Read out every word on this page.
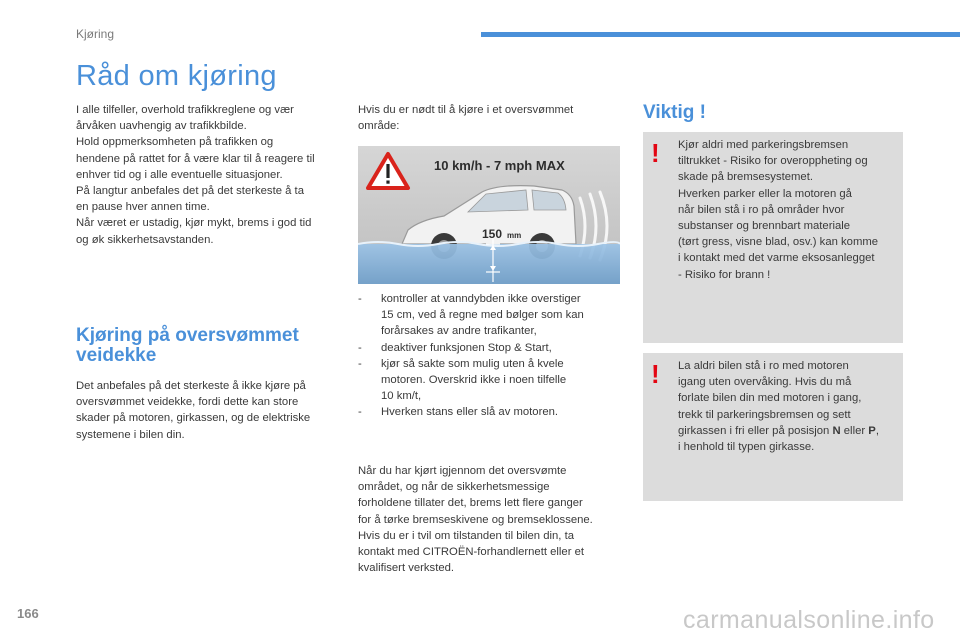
Kjøring
Råd om kjøring

I alle tilfeller, overhold trafikkreglene og vær

årvåken uavhengig av trafikkbilde.

Hold oppmerksomheten på trafikken og

hendene på rattet for å være klar til å reagere til

enhver tid og i alle eventuelle situasjoner.

På langtur anbefales det på det sterkeste å ta

en pause hver annen time.

Når været er ustadig, kjør mykt, brems i god tid

og øk sikkerhetsavstanden.

Kjøring på oversvømmet veidekke
Det anbefales på det sterkeste å ikke kjøre på
oversvømmet veidekke, fordi dette kan store
skader på motoren, girkassen, og de elektriske
systemene i bilen din.
Hvis du er nødt til å kjøre i et oversvømmet
område:
10 km/h - 7 mph MAX
150 mm
- kontroller at vanndybden ikke overstiger
15 cm, ved å regne med bølger som kan
forårsakes av andre trafikanter,
- deaktiver funksjonen Stop & Start,
- kjør så sakte som mulig uten å kvele
motoren. Overskrid ikke i noen tilfelle
10 km/t,
- Hverken stans eller slå av motoren.

Når du har kjørt igjennom det oversvømte

området, og når de sikkerhetsmessige

forholdene tillater det, brems lett flere ganger

for å tørke bremseskivene og bremseklossene.

Hvis du er i tvil om tilstanden til bilen din, ta

kontakt med CITROËN-forhandlernett eller et

kvalifisert verksted.

Viktig !
! Kjør aldri med parkeringsbremsen
tiltrukket - Risiko for overoppheting og
skade på bremsesystemet.
Hverken parker eller la motoren gå
når bilen stå i ro på områder hvor
substanser og brennbart materiale
(tørt gress, visne blad, osv.) kan komme
i kontakt med det varme eksosanlegget
- Risiko for brann !
! La aldri bilen stå i ro med motoren
igang uten overvåking. Hvis du må
forlate bilen din med motoren i gang,
trekk til parkeringsbremsen og sett
girkassen i fri eller på posisjon N eller P,
i henhold til typen girkasse.
166	carmanualsonline.info
